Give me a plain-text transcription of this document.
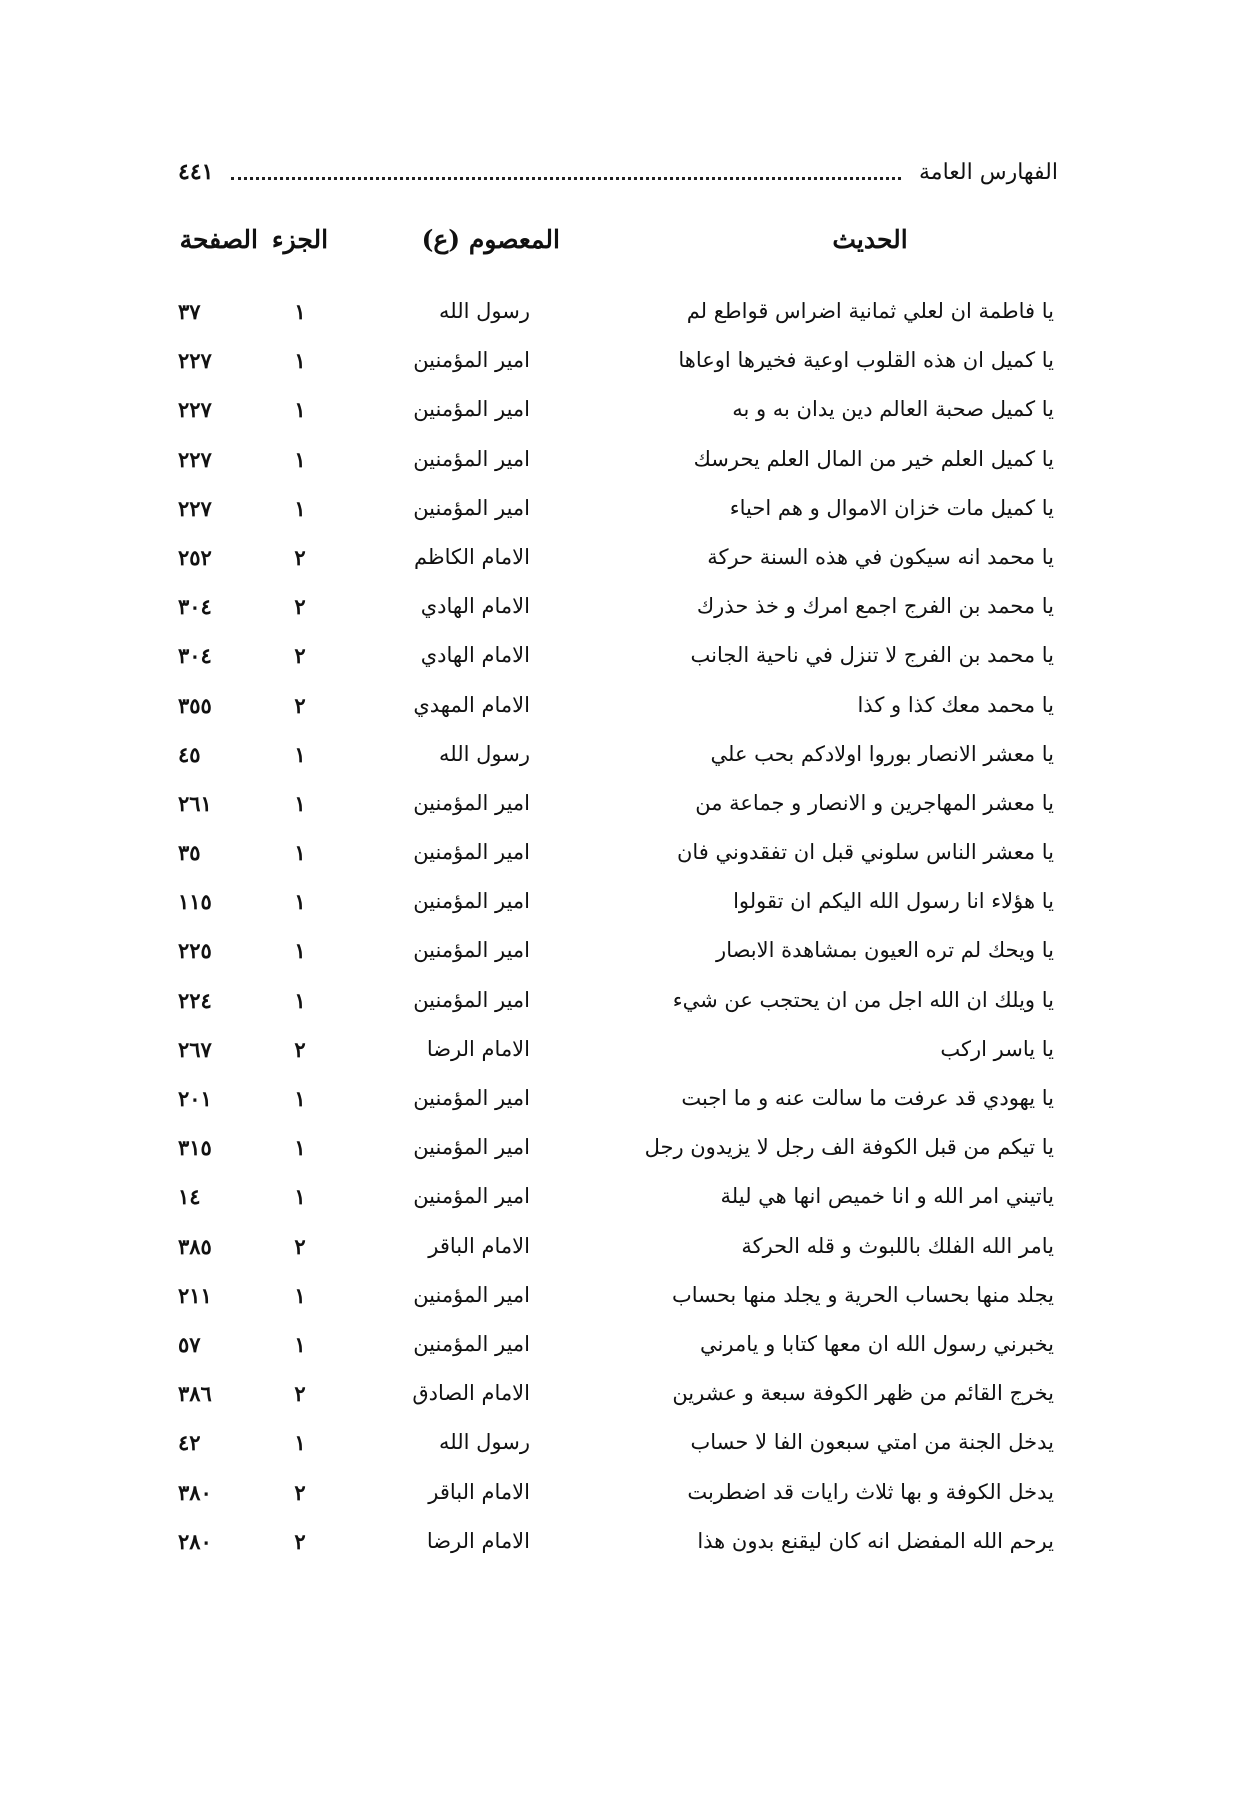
الفهارس العامة
٤٤١
الحديث
المعصوم (ع)
الجزء
الصفحة
يا فاطمة ان لعلي ثمانية اضراس قواطع لم
رسول الله
١
٣٧
يا كميل ان هذه القلوب اوعية فخيرها اوعاها
امير المؤمنين
١
٢٢٧
يا كميل صحبة العالم دين يدان به و به
امير المؤمنين
١
٢٢٧
يا كميل العلم خير من المال العلم يحرسك
امير المؤمنين
١
٢٢٧
يا كميل مات خزان الاموال و هم احياء
امير المؤمنين
١
٢٢٧
يا محمد انه سيكون في هذه السنة حركة
الامام الكاظم
٢
٢٥٢
يا محمد بن الفرج اجمع امرك و خذ حذرك
الامام الهادي
٢
٣٠٤
يا محمد بن الفرج لا تنزل في ناحية الجانب
الامام الهادي
٢
٣٠٤
يا محمد معك كذا و كذا
الامام المهدي
٢
٣٥٥
يا معشر الانصار بوروا اولادكم بحب علي
رسول الله
١
٤٥
يا معشر المهاجرين و الانصار و جماعة من
امير المؤمنين
١
٢٦١
يا معشر الناس سلوني قبل ان تفقدوني فان
امير المؤمنين
١
٣٥
يا هؤلاء انا رسول الله اليكم ان تقولوا
امير المؤمنين
١
١١٥
يا ويحك لم تره العيون بمشاهدة الابصار
امير المؤمنين
١
٢٢٥
يا ويلك ان الله اجل من ان يحتجب عن شيء
امير المؤمنين
١
٢٢٤
يا ياسر اركب
الامام الرضا
٢
٢٦٧
يا يهودي قد عرفت ما سالت عنه و ما اجبت
امير المؤمنين
١
٢٠١
يا تيكم من قبل الكوفة الف رجل لا يزيدون رجل
امير المؤمنين
١
٣١٥
ياتيني امر الله و انا خميص انها هي ليلة
امير المؤمنين
١
١٤
يامر الله الفلك باللبوث و قله الحركة
الامام الباقر
٢
٣٨٥
يجلد منها بحساب الحرية و يجلد منها بحساب
امير المؤمنين
١
٢١١
يخبرني رسول الله ان معها كتابا و يامرني
امير المؤمنين
١
٥٧
يخرج القائم من ظهر الكوفة سبعة و عشرين
الامام الصادق
٢
٣٨٦
يدخل الجنة من امتي سبعون الفا لا حساب
رسول الله
١
٤٢
يدخل الكوفة و بها ثلاث رايات قد اضطربت
الامام الباقر
٢
٣٨٠
يرحم الله المفضل انه كان ليقنع بدون هذا
الامام الرضا
٢
٢٨٠
